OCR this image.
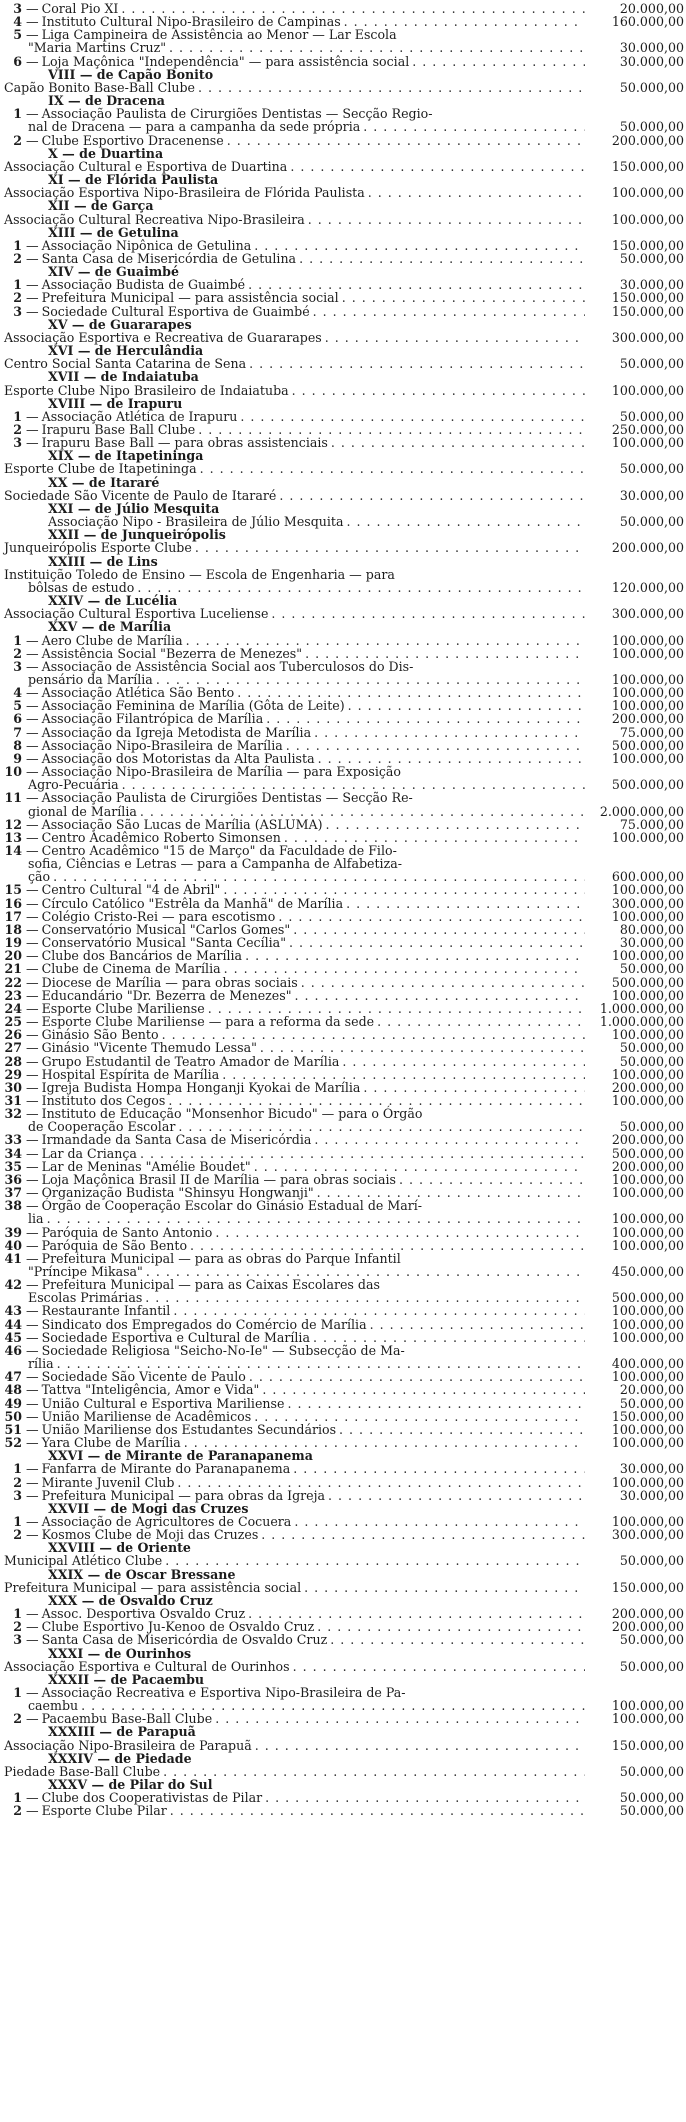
3 — Coral Pio XI . . .	20.000,00
4 — Instituto Cultural Nipo-Brasileiro de Campinas . . .	160.000,00
5 — Liga Campineira de Assistência ao Menor — Lar Escola
"Maria Martins Cruz" . . .	30.000,00
6 — Loja Maçônica "Independência" — para assistência social . . .	30.000,00
VIII — de Capão Bonito
Capão Bonito Base-Ball Clube . . .	50.000,00
IX — de Dracena
1 — Associação Paulista de Cirurgiões Dentistas — Secção Regio-
nal de Dracena — para a campanha da sede própria . . .	50.000,00
2 — Clube Esportivo Dracenense . . .	200.000,00
X — de Duartina
Associação Cultural e Esportiva de Duartina . . .	150.000,00
XI — de Flórida Paulista
Associação Esportiva Nipo-Brasileira de Flórida Paulista . . .	100.000,00
XII — de Garça
Associação Cultural Recreativa Nipo-Brasileira . . .	100.000,00
XIII — de Getulina
1 — Associação Nipônica de Getulina . . .	150.000,00
2 — Santa Casa de Misericórdia de Getulina . . .	50.000,00
XIV — de Guaimbé
1 — Associação Budista de Guaimbé . . .	30.000,00
2 — Prefeitura Municipal — para assistência social . . .	150.000,00
3 — Sociedade Cultural Esportiva de Guaimbé . . .	150.000,00
XV — de Guararapes
Associação Esportiva e Recreativa de Guararapes . . .	300.000,00
XVI — de Herculândia
Centro Social Santa Catarina de Sena . . .	50.000,00
XVII — de Indaiatuba
Esporte Clube Nipo Brasileiro de Indaiatuba . . .	100.000,00
XVIII — de Irapuru
1 — Associação Atlética de Irapuru . . .	50.000,00
2 — Irapuru Base Ball Clube . . .	250.000,00
3 — Irapuru Base Ball — para obras assistenciais . . .	100.000,00
XIX — de Itapetininga
Esporte Clube de Itapetininga . . .	50.000,00
XX — de Itararé
Sociedade São Vicente de Paulo de Itararé . . .	30.000,00
XXI — de Júlio Mesquita
Associação Nipo - Brasileira de Júlio Mesquita . . .	50.000,00
XXII — de Junqueirópolis
Junqueirópolis Esporte Clube . . .	200.000,00
XXIII — de Lins
Instituição Toledo de Ensino — Escola de Engenharia — para
bôlsas de estudo . . .	120.000,00
XXIV — de Lucélia
Associação Cultural Esportiva Luceliense . . .	300.000,00
XXV — de Marília
1 — Aero Clube de Marília . . .	100.000,00
2 — Assistência Social "Bezerra de Menezes" . . .	100.000,00
3 — Associação de Assistência Social aos Tuberculosos do Dis-
pensário da Marília . . .	100.000,00
4 — Associação Atlética São Bento . . .	100.000,00
5 — Associação Feminina de Marília (Gôta de Leite) . . .	100.000,00
6 — Associação Filantrópica de Marília . . .	200.000,00
7 — Associação da Igreja Metodista de Marília . . .	75.000,00
8 — Associação Nipo-Brasileira de Marília . . .	500.000,00
9 — Associação dos Motoristas da Alta Paulista . . .	100.000,00
10 — Associação Nipo-Brasileira de Marília — para Exposição
Agro-Pecuária . . .	500.000,00
11 — Associação Paulista de Cirurgiões Dentistas — Secção Re-
gional de Marília . . .	2.000.000,00
12 — Associação São Lucas de Marília (ASLUMA) . . .	75.000,00
13 — Centro Acadêmico Roberto Simonsen . . .	100.000,00
14 — Centro Acadêmico "15 de Março" da Faculdade de Filo-
sofia, Ciências e Letras — para a Campanha de Alfabetiza-
ção . . .	600.000,00
15 — Centro Cultural "4 de Abril" . . .	100.000,00
16 — Círculo Católico "Estrêla da Manhã" de Marília . . .	300.000,00
17 — Colégio Cristo-Rei — para escotismo . . .	100.000,00
18 — Conservatório Musical "Carlos Gomes" . . .	80.000,00
19 — Conservatório Musical "Santa Cecília" . . .	30.000,00
20 — Clube dos Bancários de Marília . . .	100.000,00
21 — Clube de Cinema de Marília . . .	50.000,00
22 — Diocese de Marília — para obras sociais . . .	500.000,00
23 — Educandário "Dr. Bezerra de Menezes" . . .	100.000,00
24 — Esporte Clube Mariliense . . .	1.000.000,00
25 — Esporte Clube Mariliense — para a reforma da sede . . .	1.000.000,00
26 — Ginásio São Bento . . .	100.000,00
27 — Ginásio "Vicente Themudo Lessa" . . .	50.000,00
28 — Grupo Estudantil de Teatro Amador de Marília . . .	50.000,00
29 — Hospital Espírita de Marília . . .	100.000,00
30 — Igreja Budista Hompa Honganji Kyokai de Marília . . .	200.000,00
31 — Instituto dos Cegos . . .	100.000,00
32 — Instituto de Educação "Monsenhor Bicudo" — para o Órgão
de Cooperação Escolar . . .	50.000,00
33 — Irmandade da Santa Casa de Misericórdia . . .	200.000,00
34 — Lar da Criança . . .	500.000,00
35 — Lar de Meninas "Amélie Boudet" . . .	200.000,00
36 — Loja Maçônica Brasil II de Marília — para obras sociais . . .	100.000,00
37 — Organização Budista "Shinsyu Hongwanji" . . .	100.000,00
38 — Órgão de Cooperação Escolar do Ginásio Estadual de Marí-
lia . . .	100.000,00
39 — Paróquia de Santo Antonio . . .	100.000,00
40 — Paróquia de São Bento . . .	100.000,00
41 — Prefeitura Municipal — para as obras do Parque Infantil
"Príncipe Mikasa" . . .	450.000,00
42 — Prefeitura Municipal — para as Caixas Escolares das
Escolas Primárias . . .	500.000,00
43 — Restaurante Infantil . . .	100.000,00
44 — Sindicato dos Empregados do Comércio de Marília . . .	100.000,00
45 — Sociedade Esportiva e Cultural de Marília . . .	100.000,00
46 — Sociedade Religiosa "Seicho-No-Ie" — Subsecção de Ma-
rília . . .	400.000,00
47 — Sociedade São Vicente de Paulo . . .	100.000,00
48 — Tattva "Inteligência, Amor e Vida" . . .	20.000,00
49 — União Cultural e Esportiva Mariliense . . .	50.000,00
50 — União Mariliense de Acadêmicos . . .	150.000,00
51 — União Mariliense dos Estudantes Secundários . . .	100.000,00
52 — Yara Clube de Marília . . .	100.000,00
XXVI — de Mirante de Paranapanema
1 — Fanfarra de Mirante do Paranapanema . . .	30.000,00
2 — Mirante Juvenil Club . . .	100.000,00
3 — Prefeitura Municipal — para obras da Igreja . . .	30.000,00
XXVII — de Mogi das Cruzes
1 — Associação de Agricultores de Cocuera . . .	100.000,00
2 — Kosmos Clube de Moji das Cruzes . . .	300.000,00
XXVIII — de Oriente
Municipal Atlético Clube . . .	50.000,00
XXIX — de Oscar Bressane
Prefeitura Municipal — para assistência social . . .	150.000,00
XXX — de Osvaldo Cruz
1 — Assoc. Desportiva Osvaldo Cruz . . .	200.000,00
2 — Clube Esportivo Ju-Kenoo de Osvaldo Cruz . . .	200.000,00
3 — Santa Casa de Misericórdia de Osvaldo Cruz . . .	50.000,00
XXXI — de Ourinhos
Associação Esportiva e Cultural de Ourinhos . . .	50.000,00
XXXII — de Pacaembu
1 — Associação Recreativa e Esportiva Nipo-Brasileira de Pa-
caembu . . .	100.000,00
2 — Pacaembu Base-Ball Clube . . .	100.000,00
XXXIII — de Parapuã
Associação Nipo-Brasileira de Parapuã . . .	150.000,00
XXXIV — de Piedade
Piedade Base-Ball Clube . . .	50.000,00
XXXV — de Pilar do Sul
1 — Clube dos Cooperativistas de Pilar . . .	50.000,00
2 — Esporte Clube Pilar . . .	50.000,00
